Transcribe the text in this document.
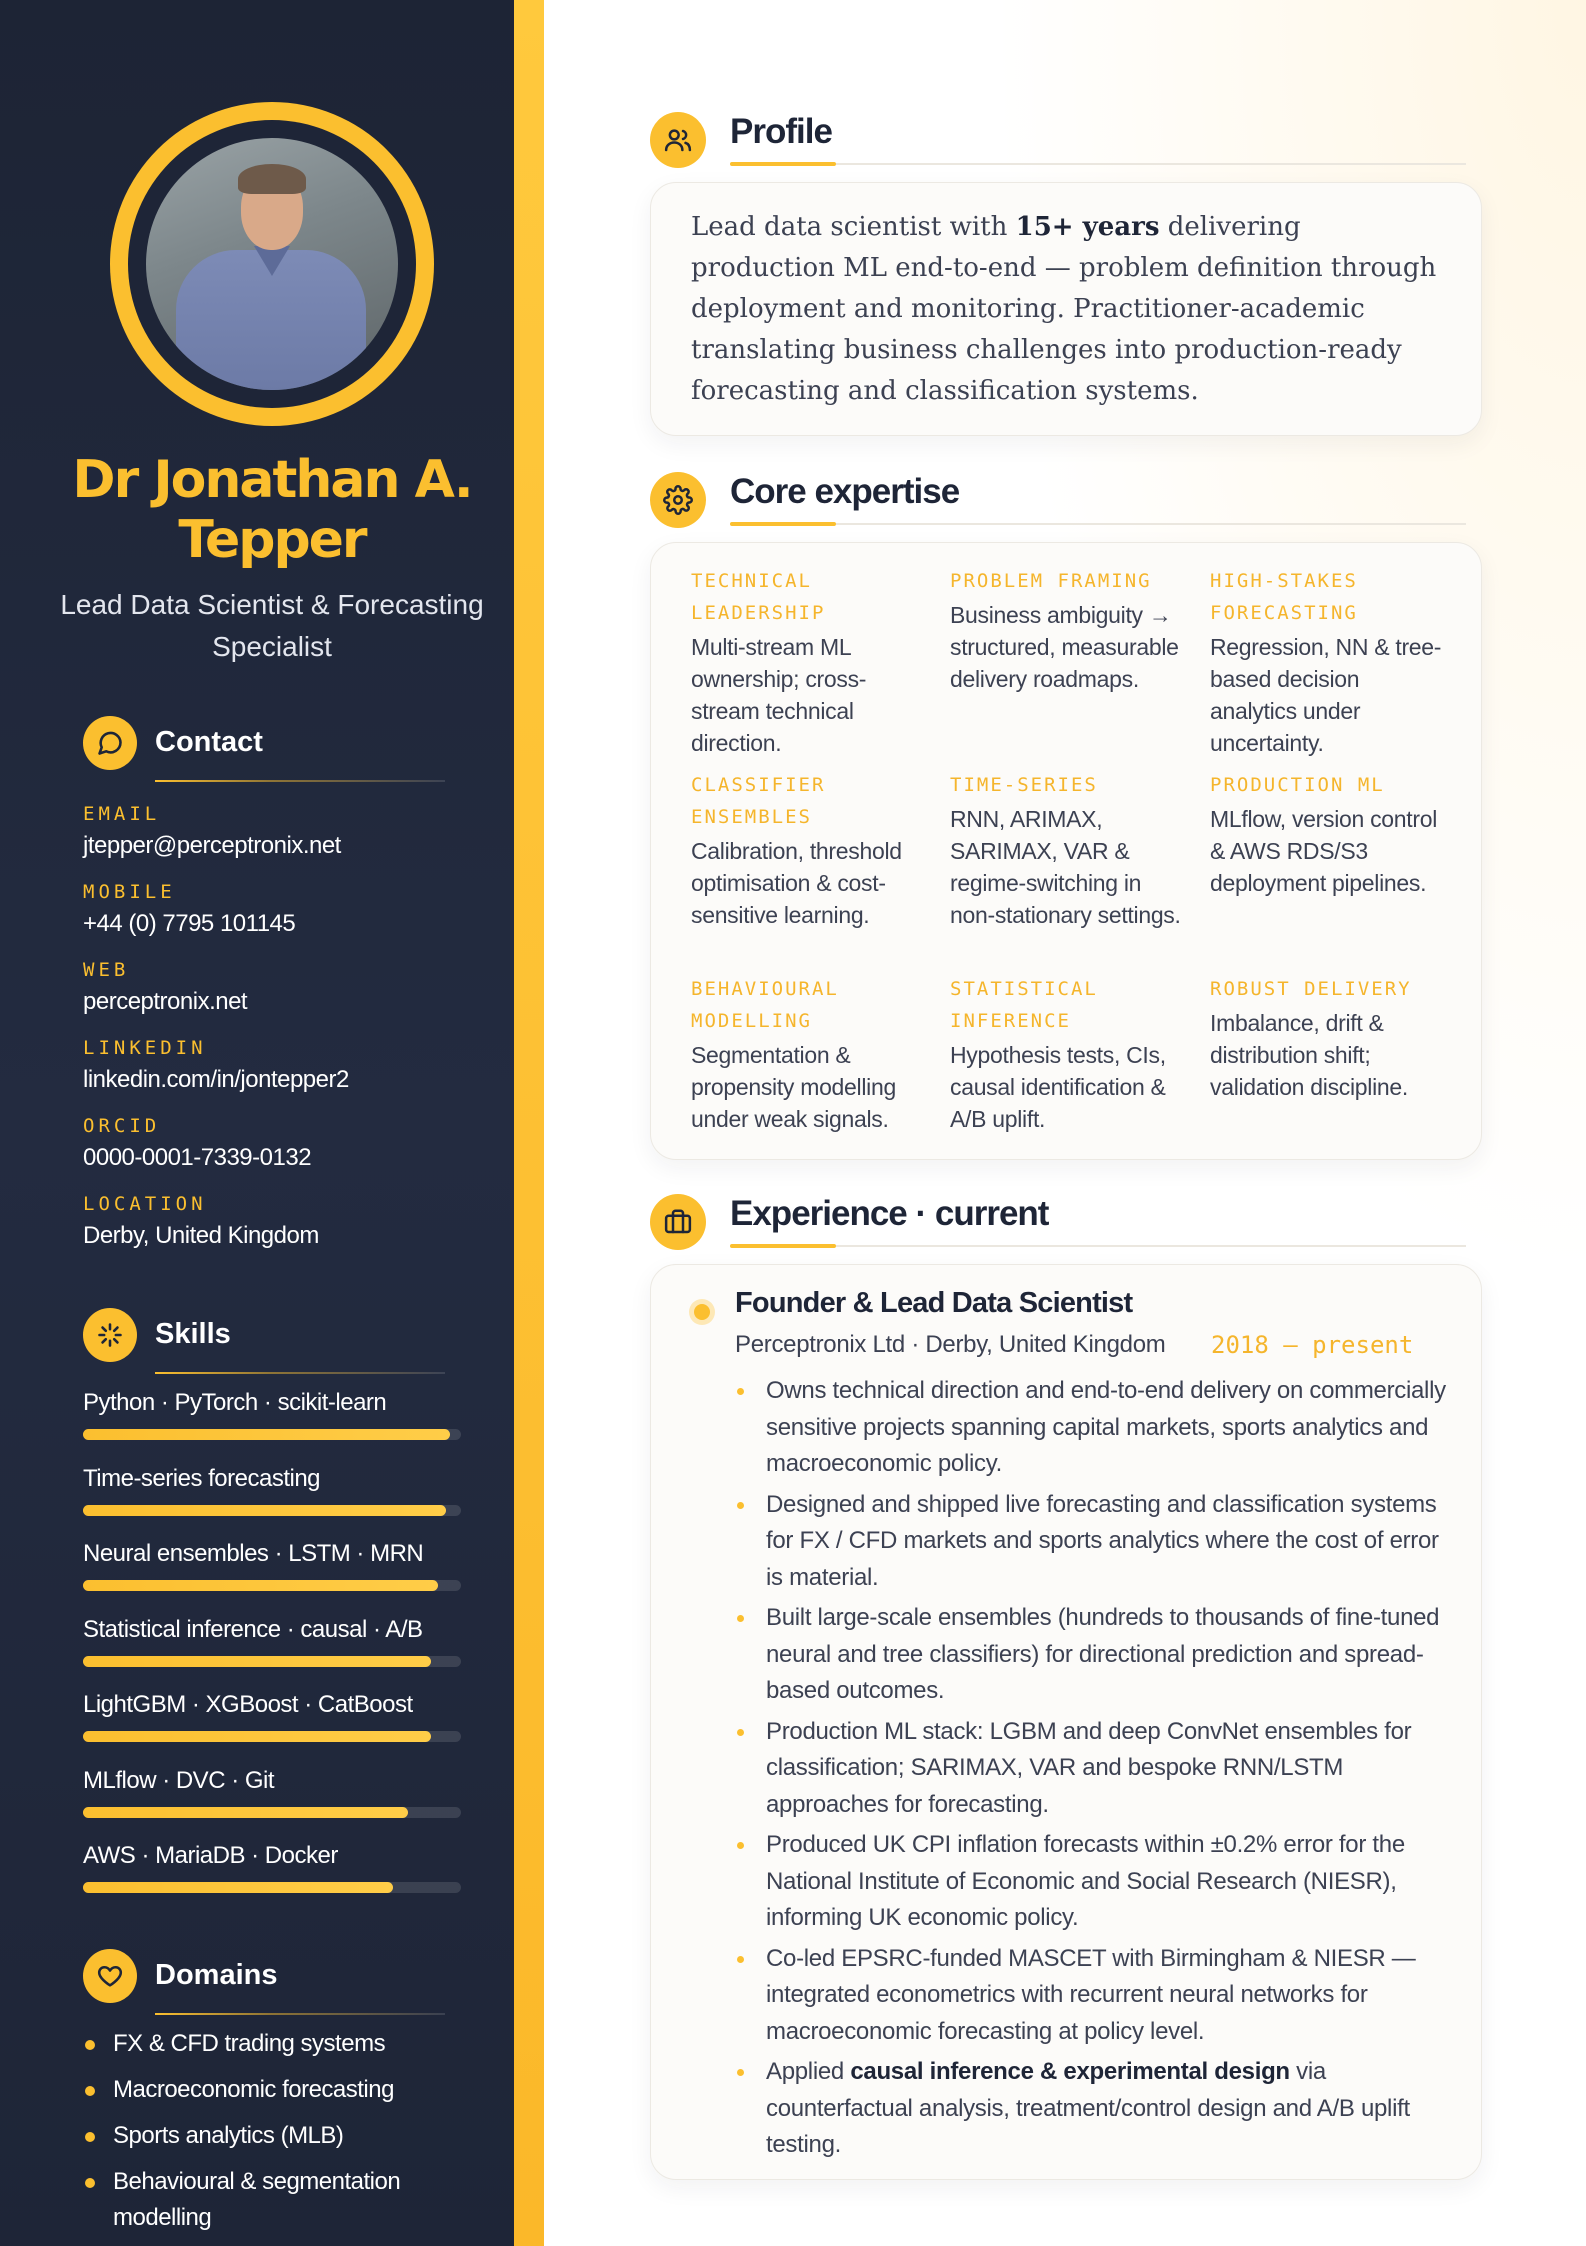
Dr Jonathan A. Tepper
Lead Data Scientist & Forecasting Specialist
Contact
EMAIL
jtepper@perceptronix.net
MOBILE
+44 (0) 7795 101145
WEB
perceptronix.net
LINKEDIN
linkedin.com/in/jontepper2
ORCID
0000-0001-7339-0132
LOCATION
Derby, United Kingdom
Skills
Python · PyTorch · scikit-learn
Time-series forecasting
Neural ensembles · LSTM · MRN
Statistical inference · causal · A/B
LightGBM · XGBoost · CatBoost
MLflow · DVC · Git
AWS · MariaDB · Docker
Domains
FX & CFD trading systems
Macroeconomic forecasting
Sports analytics (MLB)
Behavioural & segmentation modelling
Profile
Lead data scientist with 15+ years delivering production ML end-to-end — problem definition through deployment and monitoring. Practitioner-academic translating business challenges into production-ready forecasting and classification systems.
Core expertise
TECHNICAL LEADERSHIP
Multi-stream ML ownership; cross-stream technical direction.
PROBLEM FRAMING
Business ambiguity → structured, measurable delivery roadmaps.
HIGH-STAKES FORECASTING
Regression, NN & tree-based decision analytics under uncertainty.
CLASSIFIER ENSEMBLES
Calibration, threshold optimisation & cost-sensitive learning.
TIME-SERIES
RNN, ARIMAX, SARIMAX, VAR & regime-switching in non-stationary settings.
PRODUCTION ML
MLflow, version control & AWS RDS/S3 deployment pipelines.
BEHAVIOURAL MODELLING
Segmentation & propensity modelling under weak signals.
STATISTICAL INFERENCE
Hypothesis tests, CIs, causal identification & A/B uplift.
ROBUST DELIVERY
Imbalance, drift & distribution shift; validation discipline.
Experience · current
Founder & Lead Data Scientist
Perceptronix Ltd · Derby, United Kingdom 2018 — present
Owns technical direction and end-to-end delivery on commercially sensitive projects spanning capital markets, sports analytics and macroeconomic policy.
Designed and shipped live forecasting and classification systems for FX / CFD markets and sports analytics where the cost of error is material.
Built large-scale ensembles (hundreds to thousands of fine-tuned neural and tree classifiers) for directional prediction and spread-based outcomes.
Production ML stack: LGBM and deep ConvNet ensembles for classification; SARIMAX, VAR and bespoke RNN/LSTM approaches for forecasting.
Produced UK CPI inflation forecasts within ±0.2% error for the National Institute of Economic and Social Research (NIESR), informing UK economic policy.
Co-led EPSRC-funded MASCET with Birmingham & NIESR — integrated econometrics with recurrent neural networks for macroeconomic forecasting at policy level.
Applied causal inference & experimental design via counterfactual analysis, treatment/control design and A/B uplift testing.
